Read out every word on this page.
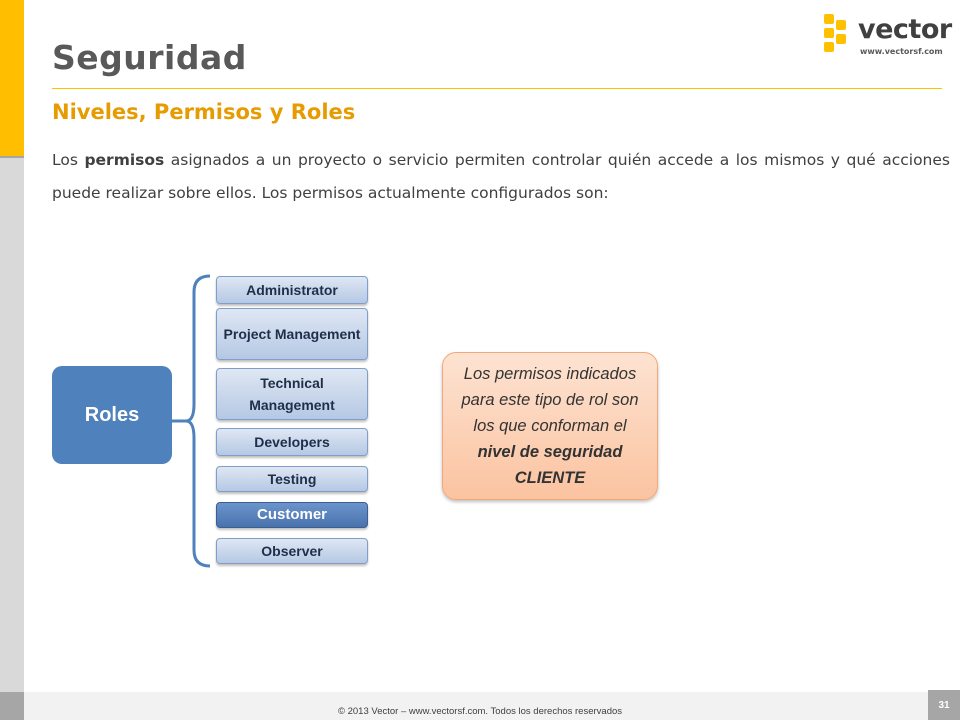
vector
www.vectorsf.com
Seguridad
Niveles, Permisos y Roles

Los permisos asignados a un proyecto o servicio permiten controlar quién accede a los mismos y qué acciones puede realizar sobre ellos. Los permisos actualmente configurados son:

Roles
Administrator
Project Management
Technical Management
Developers
Testing
Customer
Observer
Los permisos indicados para este tipo de rol son los que conforman el
nivel de seguridad CLIENTE
© 2013 Vector – www.vectorsf.com. Todos los derechos reservados
31
